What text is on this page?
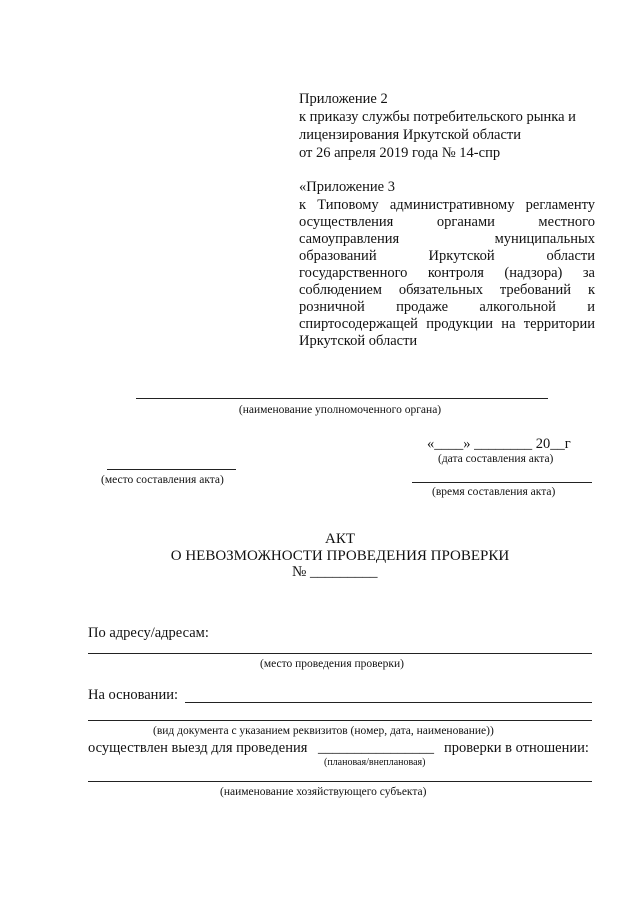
Приложение 2
к приказу службы потребительского рынка и
лицензирования Иркутской области
от 26 апреля 2019 года № 14-спр
«Приложение 3
к Типовому административному регламенту
осуществления органами местного
самоуправления муниципальных
образований Иркутской области
государственного контроля (надзора) за
соблюдением обязательных требований к
розничной продаже алкогольной и
спиртосодержащей продукции на территории
Иркутской области
(наименование уполномоченного органа)
«____» ________ 20__г
(дата составления акта)
(место составления акта)
(время составления акта)
АКТ
О НЕВОЗМОЖНОСТИ ПРОВЕДЕНИЯ ПРОВЕРКИ
№ _________
По адресу/адресам:
(место проведения проверки)
На основании:
(вид документа с указанием реквизитов (номер, дата, наименование))
осуществлен выезд для проведения ________________ проверки в отношении:
(плановая/внеплановая)
(наименование хозяйствующего субъекта)
